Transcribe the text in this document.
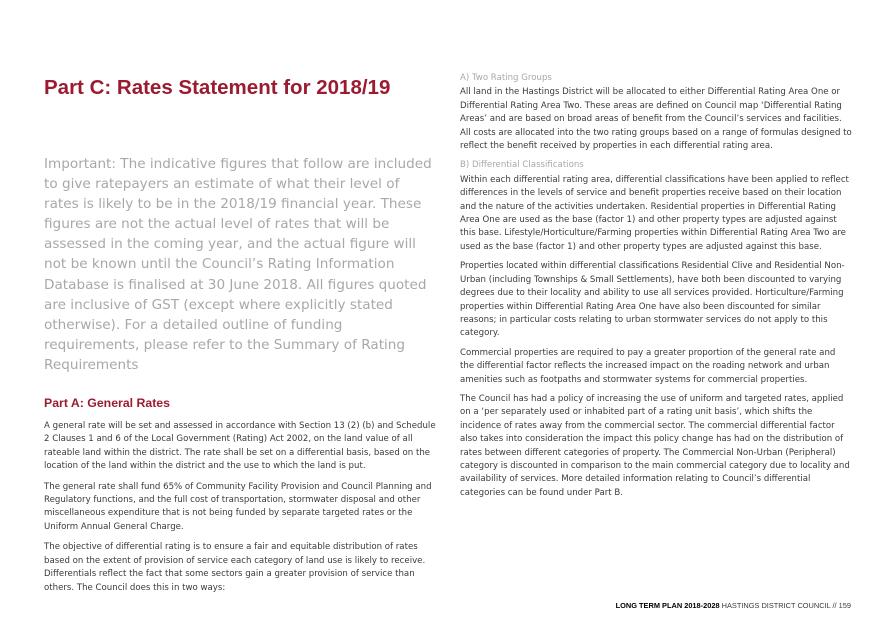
Part C: Rates Statement for 2018/19

Important: The indicative figures that follow are included to give ratepayers an estimate of what their level of rates is likely to be in the 2018/19 financial year. These figures are not the actual level of rates that will be assessed in the coming year, and the actual figure will not be known until the Council’s Rating Information Database is finalised at 30 June 2018. All figures quoted are inclusive of GST (except where explicitly stated otherwise). For a detailed outline of funding requirements, please refer to the Summary of Rating Requirements

Part A: General Rates

A general rate will be set and assessed in accordance with Section 13 (2) (b) and Schedule 2 Clauses 1 and 6 of the Local Government (Rating) Act 2002, on the land value of all rateable land within the district. The rate shall be set on a differential basis, based on the location of the land within the district and the use to which the land is put.

The general rate shall fund 65% of Community Facility Provision and Council Planning and Regulatory functions, and the full cost of transportation, stormwater disposal and other miscellaneous expenditure that is not being funded by separate targeted rates or the Uniform Annual General Charge.

The objective of differential rating is to ensure a fair and equitable distribution of rates based on the extent of provision of service each category of land use is likely to receive. Differentials reflect the fact that some sectors gain a greater provision of service than others. The Council does this in two ways:

A) Two Rating Groups

All land in the Hastings District will be allocated to either Differential Rating Area One or Differential Rating Area Two. These areas are defined on Council map ‘Differential Rating Areas’ and are based on broad areas of benefit from the Council’s services and facilities. All costs are allocated into the two rating groups based on a range of formulas designed to reflect the benefit received by properties in each differential rating area.

B) Differential Classifications

Within each differential rating area, differential classifications have been applied to reflect differences in the levels of service and benefit properties receive based on their location and the nature of the activities undertaken. Residential properties in Differential Rating Area One are used as the base (factor 1) and other property types are adjusted against this base. Lifestyle/Horticulture/Farming properties within Differential Rating Area Two are used as the base (factor 1) and other property types are adjusted against this base.

Properties located within differential classifications Residential Clive and Residential Non-Urban (including Townships & Small Settlements), have both been discounted to varying degrees due to their locality and ability to use all services provided. Horticulture/Farming properties within Differential Rating Area One have also been discounted for similar reasons; in particular costs relating to urban stormwater services do not apply to this category.

Commercial properties are required to pay a greater proportion of the general rate and the differential factor reflects the increased impact on the roading network and urban amenities such as footpaths and stormwater systems for commercial properties.

The Council has had a policy of increasing the use of uniform and targeted rates, applied on a ‘per separately used or inhabited part of a rating unit basis’, which shifts the incidence of rates away from the commercial sector. The commercial differential factor also takes into consideration the impact this policy change has had on the distribution of rates between different categories of property. The Commercial Non-Urban (Peripheral) category is discounted in comparison to the main commercial category due to locality and availability of services. More detailed information relating to Council’s differential categories can be found under Part B.

LONG TERM PLAN 2018-2028 HASTINGS DISTRICT COUNCIL // 159
